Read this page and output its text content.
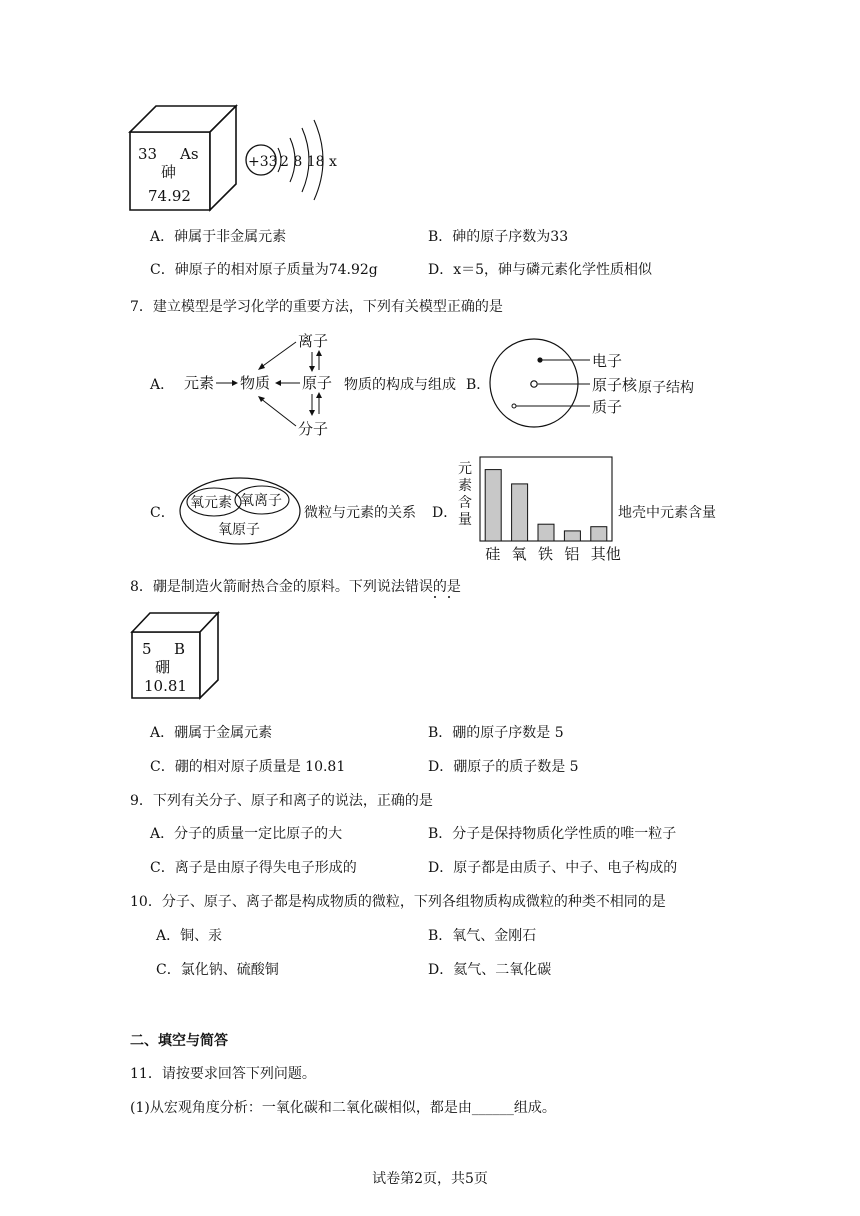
33 As
砷
74.92
+33 2 8 18 x
A．砷属于非金属元素	B．砷的原子序数为33
C．砷原子的相对原子质量为74.92g	D．x＝5，砷与磷元素化学性质相似
7．建立模型是学习化学的重要方法，下列有关模型正确的是
A．
离子
元素 物质 原子
分子
物质的构成与组成 B．
电子
原子核
质子
原子结构
C．
氧元素 氧离子
氧原子
微粒与元素的关系 D．
元素含量
硅 氧 铁 铝 其他
地壳中元素含量
8．硼是制造火箭耐热合金的原料。下列说法错误的是
5 B
硼
10.81
A．硼属于金属元素	B．硼的原子序数是 5
C．硼的相对原子质量是 10.81	D．硼原子的质子数是 5
9．下列有关分子、原子和离子的说法，正确的是
A．分子的质量一定比原子的大	B．分子是保持物质化学性质的唯一粒子
C．离子是由原子得失电子形成的	D．原子都是由质子、中子、电子构成的
10．分子、原子、离子都是构成物质的微粒，下列各组物质构成微粒的种类不相同的是
A．铜、汞	B．氧气、金刚石
C．氯化钠、硫酸铜	D．氦气、二氧化碳
二、填空与简答
11．请按要求回答下列问题。
(1)从宏观角度分析：一氧化碳和二氧化碳相似，都是由______组成。
试卷第2页，共5页
